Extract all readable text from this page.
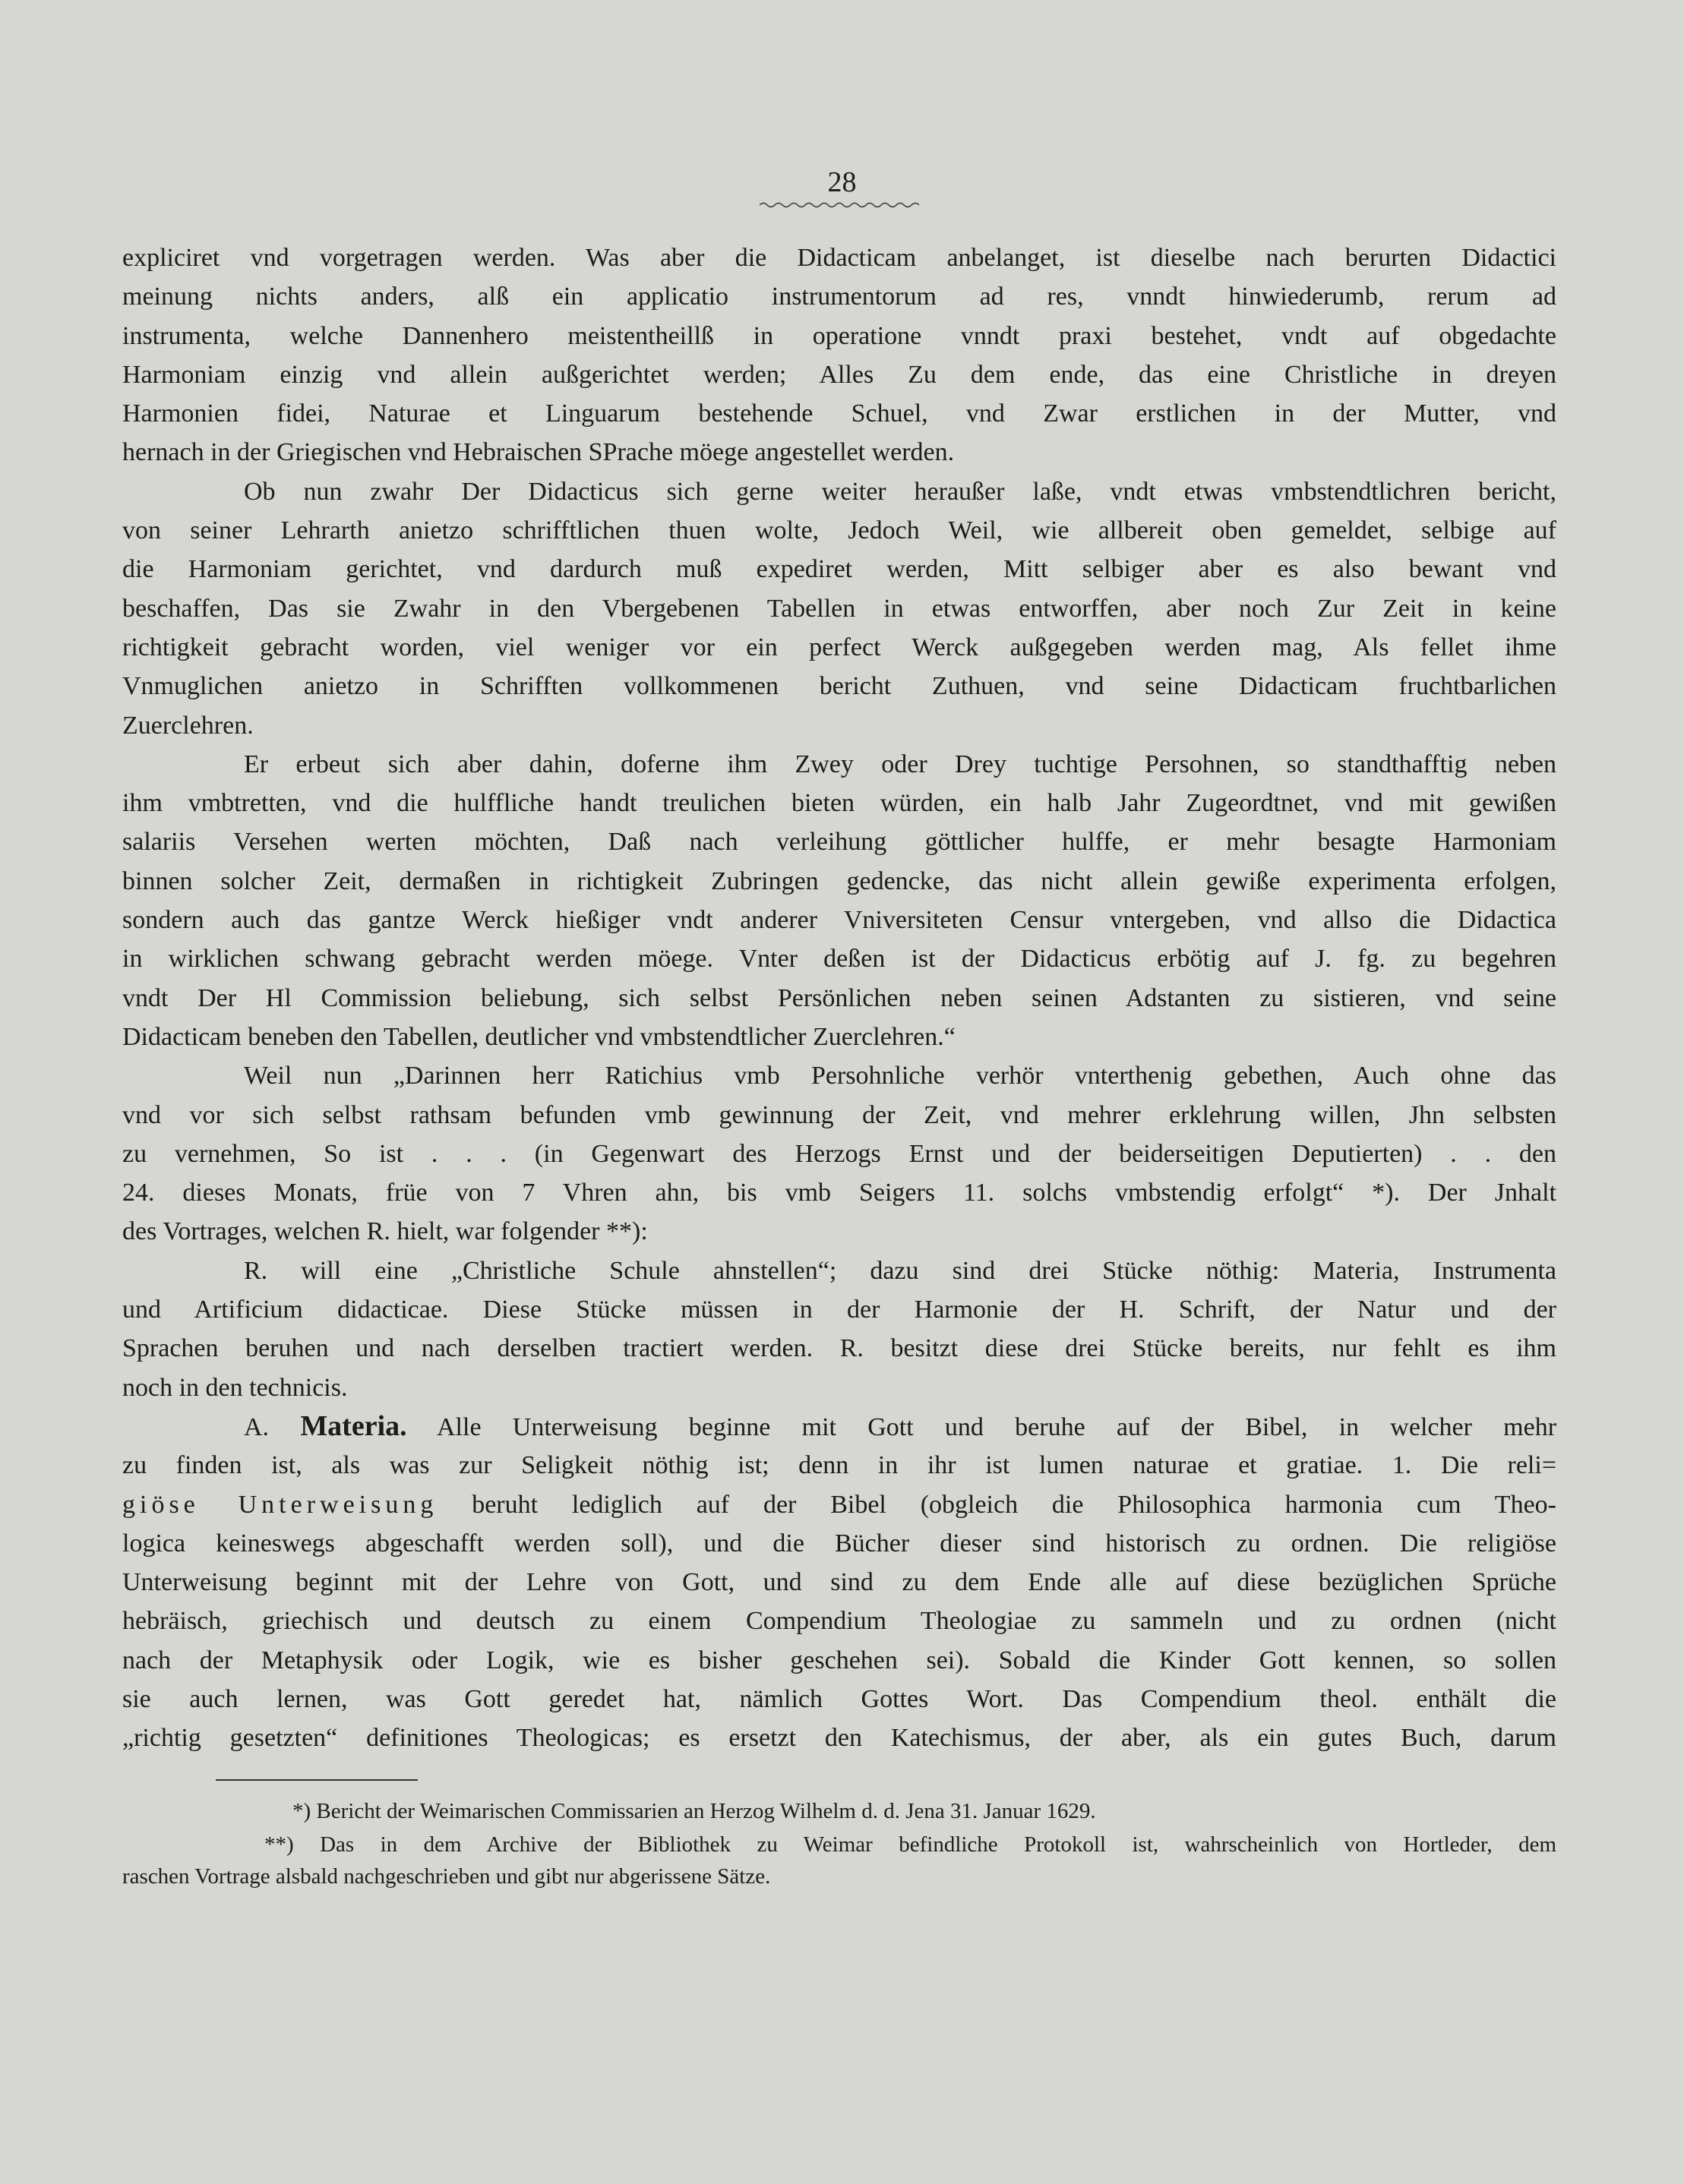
28
expliciret vnd vorgetragen werden. Was aber die Didacticam anbelanget, ist dieselbe nach berurten Didactici
meinung nichts anders, alß ein applicatio instrumentorum ad res, vnndt hinwiederumb, rerum ad
instrumenta, welche Dannenhero meistentheillß in operatione vnndt praxi bestehet, vndt auf obgedachte
Harmoniam einzig vnd allein außgerichtet werden; Alles Zu dem ende, das eine Christliche in dreyen
Harmonien fidei, Naturae et Linguarum bestehende Schuel, vnd Zwar erstlichen in der Mutter, vnd
hernach in der Griegischen vnd Hebraischen SPrache möege angestellet werden.
Ob nun zwahr Der Didacticus sich gerne weiter heraußer laße, vndt etwas vmbstendtlichren bericht,
von seiner Lehrarth anietzo schrifftlichen thuen wolte, Jedoch Weil, wie allbereit oben gemeldet, selbige auf
die Harmoniam gerichtet, vnd dardurch muß expediret werden, Mitt selbiger aber es also bewant vnd
beschaffen, Das sie Zwahr in den Vbergebenen Tabellen in etwas entworffen, aber noch Zur Zeit in keine
richtigkeit gebracht worden, viel weniger vor ein perfect Werck außgegeben werden mag, Als fellet ihme
Vnmuglichen anietzo in Schrifften vollkommenen bericht Zuthuen, vnd seine Didacticam fruchtbarlichen
Zuerclehren.
Er erbeut sich aber dahin, doferne ihm Zwey oder Drey tuchtige Persohnen, so standthafftig neben
ihm vmbtretten, vnd die hulffliche handt treulichen bieten würden, ein halb Jahr Zugeordtnet, vnd mit gewißen
salariis Versehen werten möchten, Daß nach verleihung göttlicher hulffe, er mehr besagte Harmoniam
binnen solcher Zeit, dermaßen in richtigkeit Zubringen gedencke, das nicht allein gewiße experimenta erfolgen,
sondern auch das gantze Werck hießiger vndt anderer Vniversiteten Censur vntergeben, vnd allso die Didactica
in wirklichen schwang gebracht werden möege. Vnter deßen ist der Didacticus erbötig auf J. fg. zu begehren
vndt Der Hl Commission beliebung, sich selbst Persönlichen neben seinen Adstanten zu sistieren, vnd seine
Didacticam beneben den Tabellen, deutlicher vnd vmbstendtlicher Zuerclehren.“
Weil nun „Darinnen herr Ratichius vmb Persohnliche verhör vnterthenig gebethen, Auch ohne das
vnd vor sich selbst rathsam befunden vmb gewinnung der Zeit, vnd mehrer erklehrung willen, Jhn selbsten
zu vernehmen, So ist . . . (in Gegenwart des Herzogs Ernst und der beiderseitigen Deputierten) . . den
24. dieses Monats, früe von 7 Vhren ahn, bis vmb Seigers 11. solchs vmbstendig erfolgt“ *). Der Jnhalt
des Vortrages, welchen R. hielt, war folgender **):
R. will eine „Christliche Schule ahnstellen“; dazu sind drei Stücke nöthig: Materia, Instrumenta
und Artificium didacticae. Diese Stücke müssen in der Harmonie der H. Schrift, der Natur und der
Sprachen beruhen und nach derselben tractiert werden. R. besitzt diese drei Stücke bereits, nur fehlt es ihm
noch in den technicis.
A. Materia. Alle Unterweisung beginne mit Gott und beruhe auf der Bibel, in welcher mehr
zu finden ist, als was zur Seligkeit nöthig ist; denn in ihr ist lumen naturae et gratiae. 1. Die reli=
giöse Unterweisung beruht lediglich auf der Bibel (obgleich die Philosophica harmonia cum Theo-
logica keineswegs abgeschafft werden soll), und die Bücher dieser sind historisch zu ordnen. Die religiöse
Unterweisung beginnt mit der Lehre von Gott, und sind zu dem Ende alle auf diese bezüglichen Sprüche
hebräisch, griechisch und deutsch zu einem Compendium Theologiae zu sammeln und zu ordnen (nicht
nach der Metaphysik oder Logik, wie es bisher geschehen sei). Sobald die Kinder Gott kennen, so sollen
sie auch lernen, was Gott geredet hat, nämlich Gottes Wort. Das Compendium theol. enthält die
„richtig gesetzten“ definitiones Theologicas; es ersetzt den Katechismus, der aber, als ein gutes Buch, darum
*) Bericht der Weimarischen Commissarien an Herzog Wilhelm d. d. Jena 31. Januar 1629.
**) Das in dem Archive der Bibliothek zu Weimar befindliche Protokoll ist, wahrscheinlich von Hortleder, dem
raschen Vortrage alsbald nachgeschrieben und gibt nur abgerissene Sätze.
